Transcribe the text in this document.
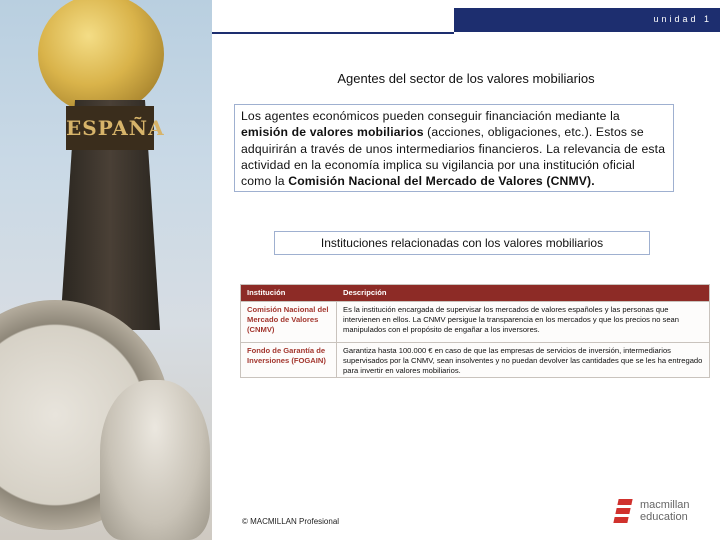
ESPAÑA
unidad 1
Agentes del sector de los valores mobiliarios
Los agentes económicos pueden conseguir financiación mediante la emisión de valores mobiliarios (acciones, obligaciones, etc.). Estos se adquirirán a través de unos intermediarios financieros. La relevancia de esta actividad en la economía implica su vigilancia por una institución oficial como la Comisión Nacional del Mercado de Valores (CNMV).
Instituciones relacionadas con los valores mobiliarios
Institución	Descripción
Comisión Nacional del Mercado de Valores (CNMV)
Es la institución encargada de supervisar los mercados de valores españoles y las personas que intervienen en ellos. La CNMV persigue la transparencia en los mercados y que los precios no sean manipulados con el propósito de engañar a los inversores.
Fondo de Garantía de Inversiones (FOGAIN)
Garantiza hasta 100.000 € en caso de que las empresas de servicios de inversión, intermediarios supervisados por la CNMV, sean insolventes y no puedan devolver las cantidades que se les ha entregado para invertir en valores mobiliarios.
© MACMILLAN Profesional
macmillan
education
